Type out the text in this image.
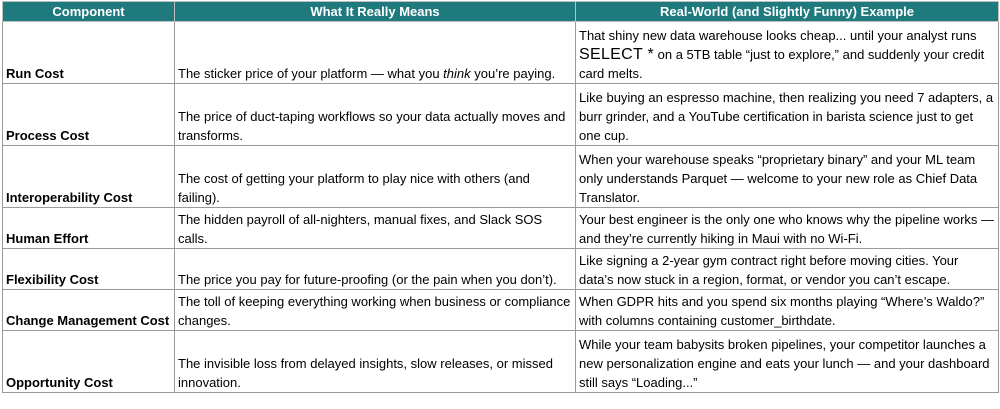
Component	What It Really Means	Real-World (and Slightly Funny) Example
Run Cost	The sticker price of your platform — what you think you’re paying.	That shiny new data warehouse looks cheap... until your analyst runs SELECT * on a 5TB table “just to explore,” and suddenly your credit card melts.
Process Cost	The price of duct-taping workflows so your data actually moves and transforms.	Like buying an espresso machine, then realizing you need 7 adapters, a burr grinder, and a YouTube certification in barista science just to get one cup.
Interoperability Cost	The cost of getting your platform to play nice with others (and failing).	When your warehouse speaks “proprietary binary” and your ML team only understands Parquet — welcome to your new role as Chief Data Translator.
Human Effort	The hidden payroll of all-nighters, manual fixes, and Slack SOS calls.	Your best engineer is the only one who knows why the pipeline works — and they’re currently hiking in Maui with no Wi-Fi.
Flexibility Cost	The price you pay for future-proofing (or the pain when you don’t).	Like signing a 2-year gym contract right before moving cities. Your data’s now stuck in a region, format, or vendor you can’t escape.
Change Management Cost	The toll of keeping everything working when business or compliance changes.	When GDPR hits and you spend six months playing “Where’s Waldo?” with columns containing customer_birthdate.
Opportunity Cost	The invisible loss from delayed insights, slow releases, or missed innovation.	While your team babysits broken pipelines, your competitor launches a new personalization engine and eats your lunch — and your dashboard still says “Loading...”
